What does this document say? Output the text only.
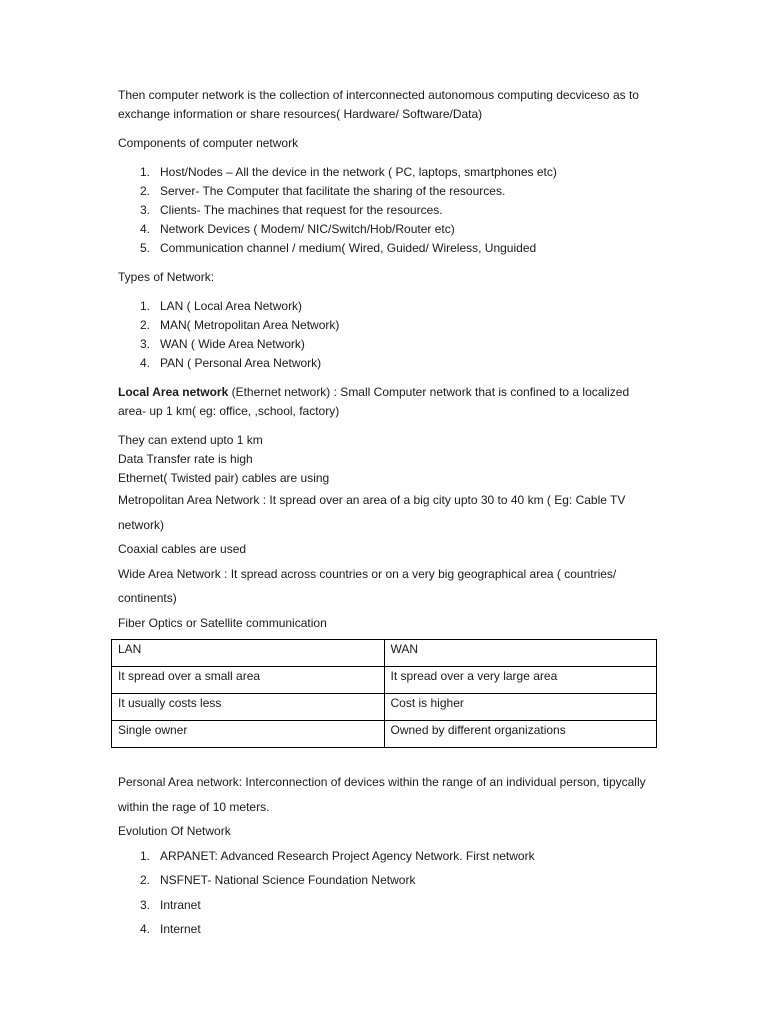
Then computer network is the collection of interconnected autonomous computing decviceso as to exchange information or share resources( Hardware/ Software/Data)

Components of computer network

1. Host/Nodes – All the device in the network ( PC, laptops, smartphones etc)
2. Server- The Computer that facilitate the sharing of the resources.
3. Clients- The machines that request for the resources.
4. Network Devices ( Modem/ NIC/Switch/Hob/Router etc)
5. Communication channel / medium( Wired, Guided/ Wireless, Unguided

Types of Network:

1. LAN ( Local Area Network)
2. MAN( Metropolitan Area Network)
3. WAN ( Wide Area Network)
4. PAN ( Personal Area Network)

Local Area network (Ethernet network) : Small Computer network that is confined to a localized area- up 1 km( eg: office, ,school, factory)

They can extend upto 1 km

Data Transfer rate is high

Ethernet( Twisted pair) cables are using

Metropolitan Area Network : It spread over an area of a big city upto 30 to 40 km ( Eg: Cable TV network)

Coaxial cables are used

Wide Area Network : It spread across countries or on a very big geographical area ( countries/ continents)

Fiber Optics or Satellite communication

LAN	WAN
It spread over a small area	It spread over a very large area
It usually costs less	Cost is higher
Single owner	Owned by different organizations

Personal Area network: Interconnection of devices within the range of an individual person, tipycally within the rage of 10 meters.

Evolution Of Network

1. ARPANET: Advanced Research Project Agency Network. First network
2. NSFNET- National Science Foundation Network
3. Intranet
4. Internet
